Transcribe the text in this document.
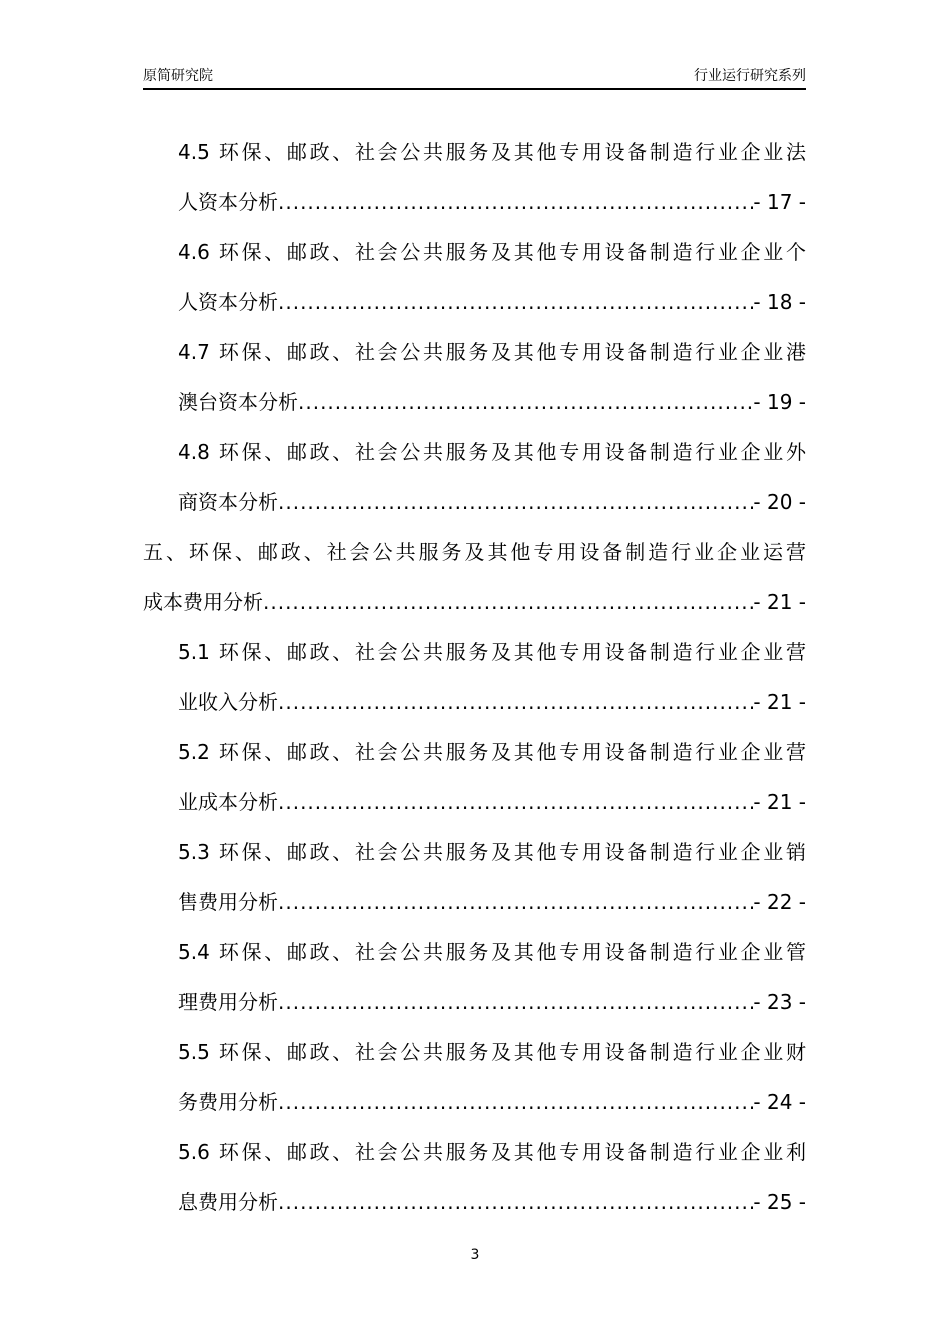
原简研究院	行业运行研究系列
4.5 环保、邮政、社会公共服务及其他专用设备制造行业企业法
人资本分析 .....	- 17 -
4.6 环保、邮政、社会公共服务及其他专用设备制造行业企业个
人资本分析 .....	- 18 -
4.7 环保、邮政、社会公共服务及其他专用设备制造行业企业港
澳台资本分析 .....	- 19 -
4.8 环保、邮政、社会公共服务及其他专用设备制造行业企业外
商资本分析 .....	- 20 -
五、环保、邮政、社会公共服务及其他专用设备制造行业企业运营
成本费用分析 .....	- 21 -
5.1 环保、邮政、社会公共服务及其他专用设备制造行业企业营
业收入分析 .....	- 21 -
5.2 环保、邮政、社会公共服务及其他专用设备制造行业企业营
业成本分析 .....	- 21 -
5.3 环保、邮政、社会公共服务及其他专用设备制造行业企业销
售费用分析 .....	- 22 -
5.4 环保、邮政、社会公共服务及其他专用设备制造行业企业管
理费用分析 .....	- 23 -
5.5 环保、邮政、社会公共服务及其他专用设备制造行业企业财
务费用分析 .....	- 24 -
5.6 环保、邮政、社会公共服务及其他专用设备制造行业企业利
息费用分析 .....	- 25 -
3
